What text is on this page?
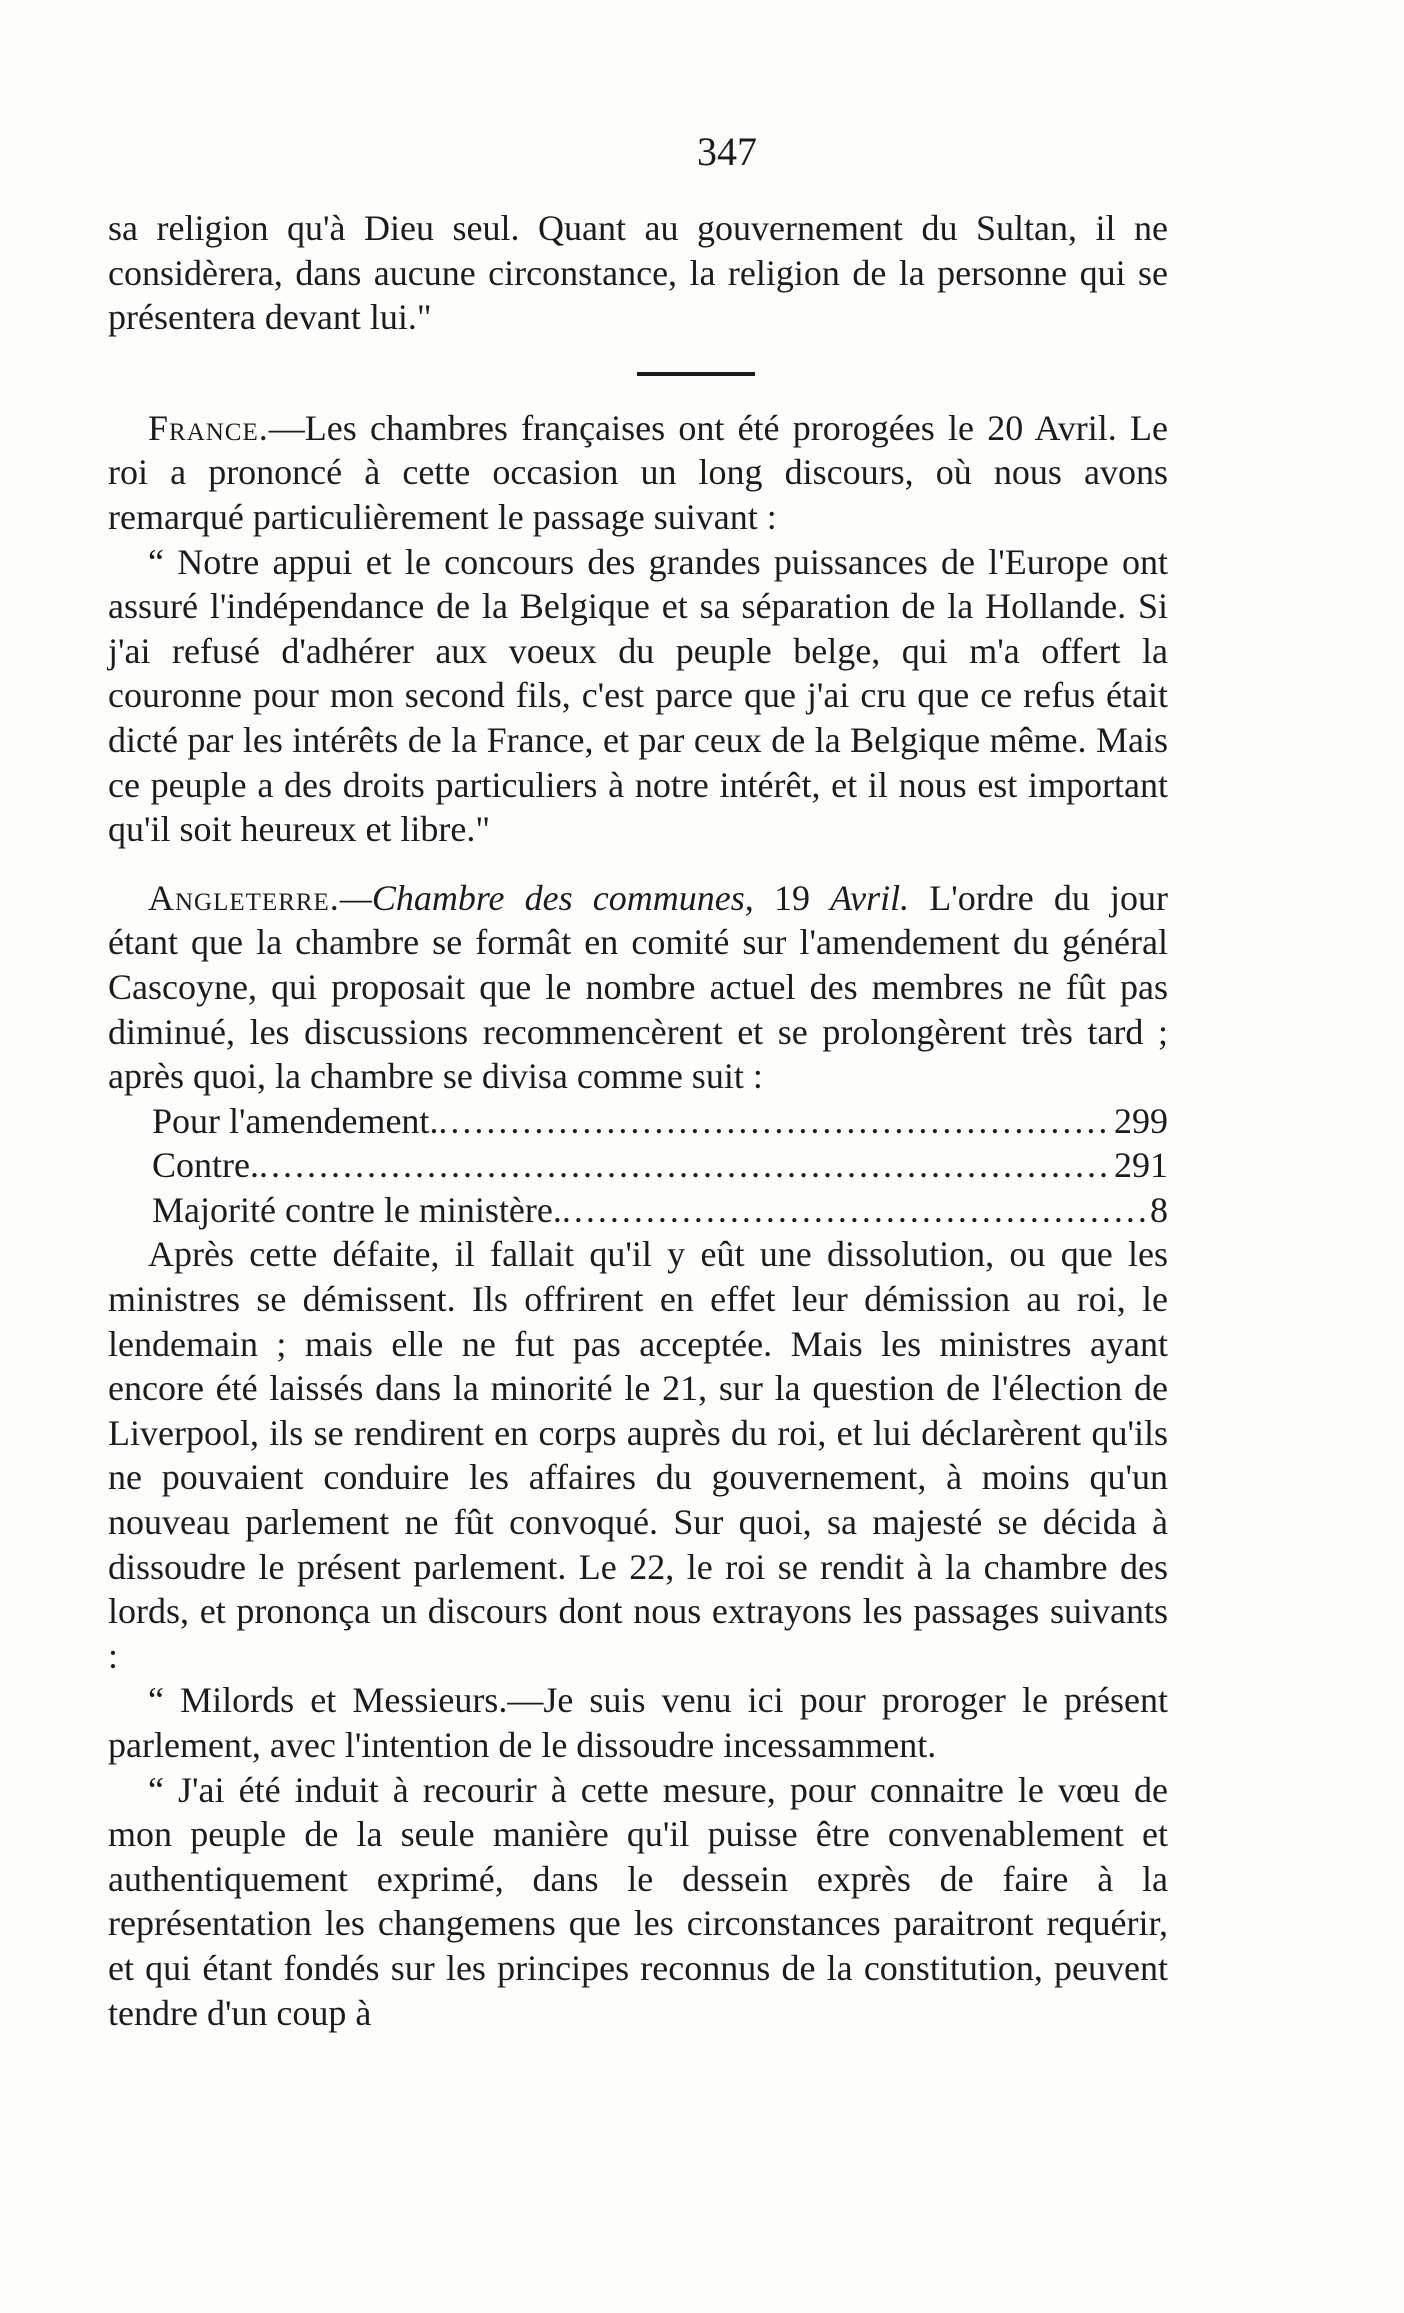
347

sa religion qu'à Dieu seul. Quant au gouvernement du Sultan, il ne considèrera, dans aucune circonstance, la religion de la personne qui se présentera devant lui."

France.—Les chambres françaises ont été prorogées le 20 Avril. Le roi a prononcé à cette occasion un long discours, où nous avons remarqué particulièrement le passage suivant :

“ Notre appui et le concours des grandes puissances de l'Europe ont assuré l'indépendance de la Belgique et sa séparation de la Hollande. Si j'ai refusé d'adhérer aux voeux du peuple belge, qui m'a offert la couronne pour mon second fils, c'est parce que j'ai cru que ce refus était dicté par les intérêts de la France, et par ceux de la Belgique même. Mais ce peuple a des droits particuliers à notre intérêt, et il nous est important qu'il soit heureux et libre."

Angleterre.—Chambre des communes, 19 Avril. L'ordre du jour étant que la chambre se formât en comité sur l'amendement du général Cascoyne, qui proposait que le nombre actuel des membres ne fût pas diminué, les discussions recommencèrent et se prolongèrent très tard ; après quoi, la chambre se divisa comme suit :

Pour l'amendement. .....	299
Contre. .....	291
Majorité contre le ministère. .....	8

Après cette défaite, il fallait qu'il y eût une dissolution, ou que les ministres se démissent. Ils offrirent en effet leur démission au roi, le lendemain ; mais elle ne fut pas acceptée. Mais les ministres ayant encore été laissés dans la minorité le 21, sur la question de l'élection de Liverpool, ils se rendirent en corps auprès du roi, et lui déclarèrent qu'ils ne pouvaient conduire les affaires du gouvernement, à moins qu'un nouveau parlement ne fût convoqué. Sur quoi, sa majesté se décida à dissoudre le présent parlement. Le 22, le roi se rendit à la chambre des lords, et prononça un discours dont nous extrayons les passages suivants :

“ Milords et Messieurs.—Je suis venu ici pour proroger le présent parlement, avec l'intention de le dissoudre incessamment.

“ J'ai été induit à recourir à cette mesure, pour connaitre le vœu de mon peuple de la seule manière qu'il puisse être convenablement et authentiquement exprimé, dans le dessein exprès de faire à la représentation les changemens que les circonstances paraitront requérir, et qui étant fondés sur les principes reconnus de la constitution, peuvent tendre d'un coup à
